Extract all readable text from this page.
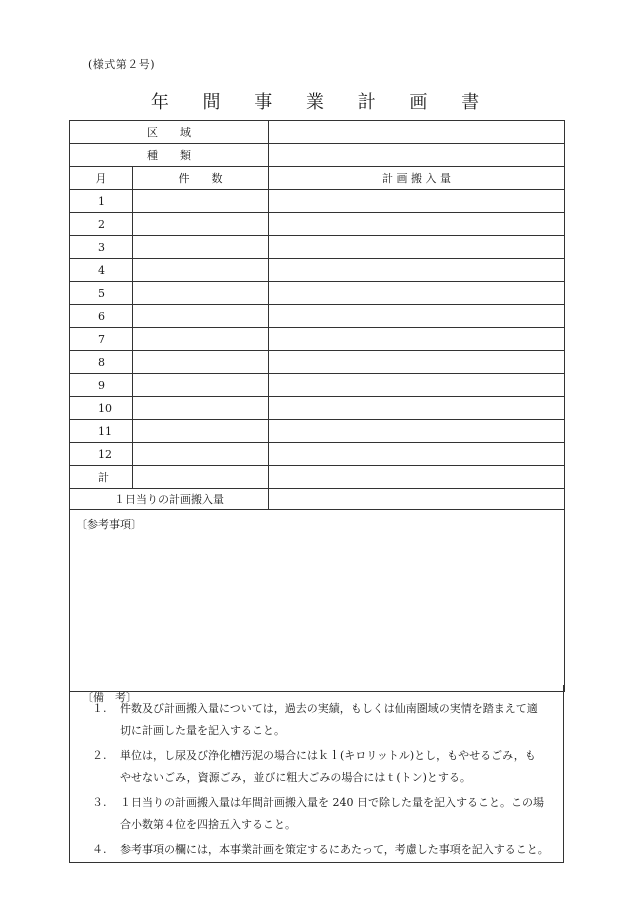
(様式第２号)
年 間 事 業 計 画 書
区　　域		
種　　類		
月	件　　数	計 画 搬 入 量
1		
2		
3		
4		
5		
6		
7		
8		
9		
10		
11		
12		
計		
１日当りの計画搬入量		
〔参考事項〕		
〔備　考〕
１. 件数及び計画搬入量については，過去の実績，もしくは仙南圏域の実情を踏まえて適
切に計画した量を記入すること。
２. 単位は，し尿及び浄化槽汚泥の場合にはｋｌ(キロリットル)とし，もやせるごみ，も
やせないごみ，資源ごみ，並びに粗大ごみの場合にはｔ(トン)とする。
３. １日当りの計画搬入量は年間計画搬入量を 240 日で除した量を記入すること。この場
合小数第４位を四捨五入すること。
４. 参考事項の欄には，本事業計画を策定するにあたって，考慮した事項を記入すること。
